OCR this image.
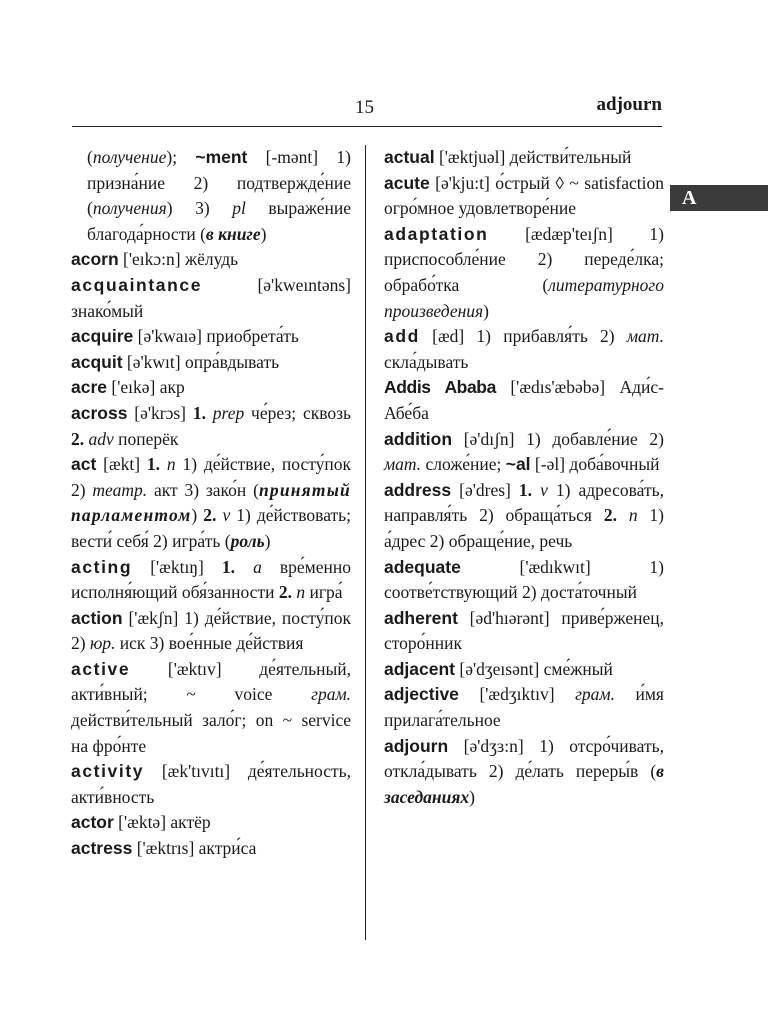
15	adjourn
A

(получение); ~ment [-mənt] 1) призна́ние 2) подтвержде́ние (получения) 3) pl выраже́ние благода́рности (в книге)

acorn ['eıkɔ:n] жёлудь

acquaintance [ə'kweıntəns] знако́мый

acquire [ə'kwaıə] приобрета́ть

acquit [ə'kwıt] опра́вдывать

acre ['eıkə] акр

across [ə'krɔs] 1. prep че́рез; сквозь 2. adv поперёк

act [ækt] 1. n 1) де́йствие, посту́пок 2) театр. акт 3) зако́н (принятый парламентом) 2. v 1) де́йствовать; вести́ себя́ 2) игра́ть (роль)

acting ['æktıŋ] 1. a вре́менно исполня́ющий обя́занности 2. n игра́

action ['ækʃn] 1) де́йствие, посту́пок 2) юр. иск 3) вое́нные де́йствия

active ['æktıv] де́ятельный, акти́вный; ~ voice грам. действи́тельный зало́г; on ~ service на фро́нте

activity [æk'tıvıtı] де́ятельность, акти́вность

actor ['æktə] актёр

actress ['æktrıs] актри́са

actual ['æktjuəl] действи́тельный

acute [ə'kju:t] о́стрый ◊ ~ satisfaction огро́мное удовлетворе́ние

adaptation [ædæp'teıʃn] 1) приспособле́ние 2) переде́лка; обрабо́тка (литературного произведения)

add [æd] 1) прибавля́ть 2) мат. скла́дывать

Addis Ababa ['ædıs'æbəbə] Ади́с-Абе́ба

addition [ə'dıʃn] 1) добавле́ние 2) мат. сложе́ние; ~al [-əl] доба́вочный

address [ə'dres] 1. v 1) адресова́ть, направля́ть 2) обраща́ться 2. n 1) а́дрес 2) обраще́ние, речь

adequate ['ædıkwıt] 1) соотве́тствующий 2) доста́точный

adherent [əd'hıərənt] приве́рженец, сторо́нник

adjacent [ə'dʒeısənt] сме́жный

adjective ['ædʒıktıv] грам. и́мя прилага́тельное

adjourn [ə'dʒɜ:n] 1) отсро́чивать, откла́дывать 2) де́лать переры́в (в заседаниях)
